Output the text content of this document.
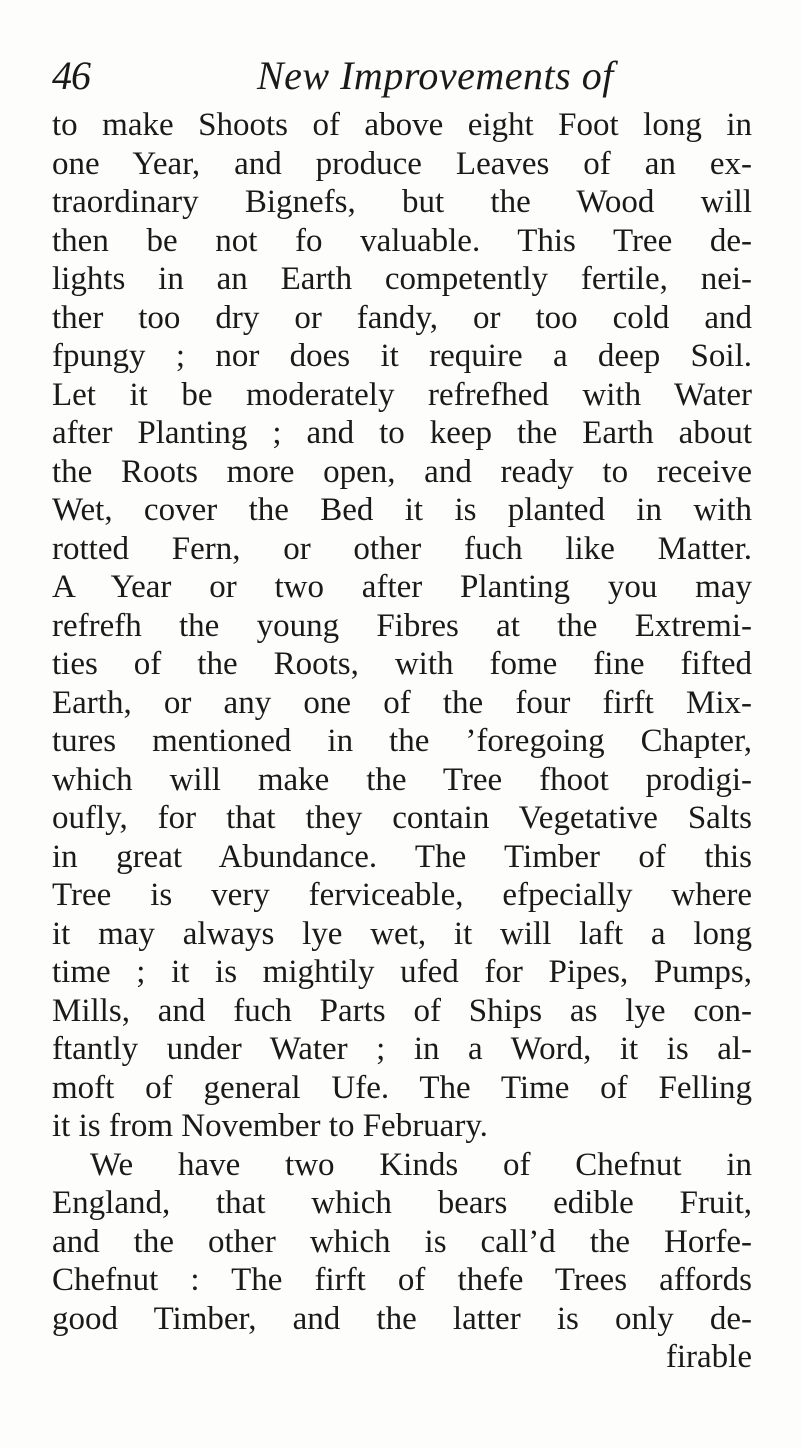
46	New Improvements of
to make Shoots of above eight Foot long in
one Year, and produce Leaves of an ex-
traordinary Bignefs, but the Wood will
then be not fo valuable. This Tree de-
lights in an Earth competently fertile, nei-
ther too dry or fandy, or too cold and
fpungy ; nor does it require a deep Soil.
Let it be moderately refrefhed with Water
after Planting ; and to keep the Earth about
the Roots more open, and ready to receive
Wet, cover the Bed it is planted in with
rotted Fern, or other fuch like Matter.
A Year or two after Planting you may
refrefh the young Fibres at the Extremi-
ties of the Roots, with fome fine fifted
Earth, or any one of the four firft Mix-
tures mentioned in the ’foregoing Chapter,
which will make the Tree fhoot prodigi-
oufly, for that they contain Vegetative Salts
in great Abundance. The Timber of this
Tree is very ferviceable, efpecially where
it may always lye wet, it will laft a long
time ; it is mightily ufed for Pipes, Pumps,
Mills, and fuch Parts of Ships as lye con-
ftantly under Water ; in a Word, it is al-
moft of general Ufe. The Time of Felling
it is from November to February.
We have two Kinds of Chefnut in
England, that which bears edible Fruit,
and the other which is call’d the Horfe-
Chefnut : The firft of thefe Trees affords
good Timber, and the latter is only de-
firable
